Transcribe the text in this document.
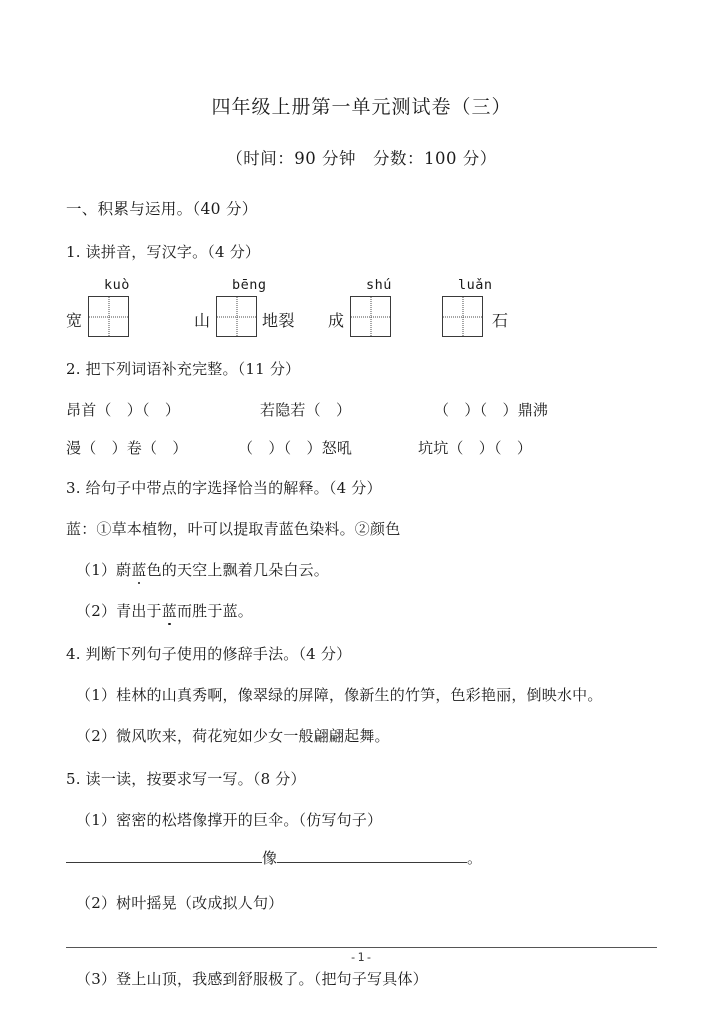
四年级上册第一单元测试卷（三）

（时间：90 分钟　分数：100 分）

一、积累与运用。（40 分）

1. 读拼音，写汉字。（4 分）

kuò	bēng	shú	luǎn
宽	山	地裂 成	石

2. 把下列词语补充完整。（11 分）

昂首（　）（　）	若隐若（　）	（　）（　）鼎沸
漫（　）卷（　）	（　）（　）怒吼	坑坑（　）（　）

3. 给句子中带点的字选择恰当的解释。（4 分）

蓝：①草本植物，叶可以提取青蓝色染料。②颜色

（1）蔚蓝色的天空上飘着几朵白云。

（2）青出于蓝而胜于蓝。

4. 判断下列句子使用的修辞手法。（4 分）

（1）桂林的山真秀啊，像翠绿的屏障，像新生的竹笋，色彩艳丽，倒映水中。

（2）微风吹来，荷花宛如少女一般翩翩起舞。

5. 读一读，按要求写一写。（8 分）

（1）密密的松塔像撑开的巨伞。（仿写句子）

像	。

（2）树叶摇晃（改成拟人句）

（3）登上山顶，我感到舒服极了。（把句子写具体）

-1-
